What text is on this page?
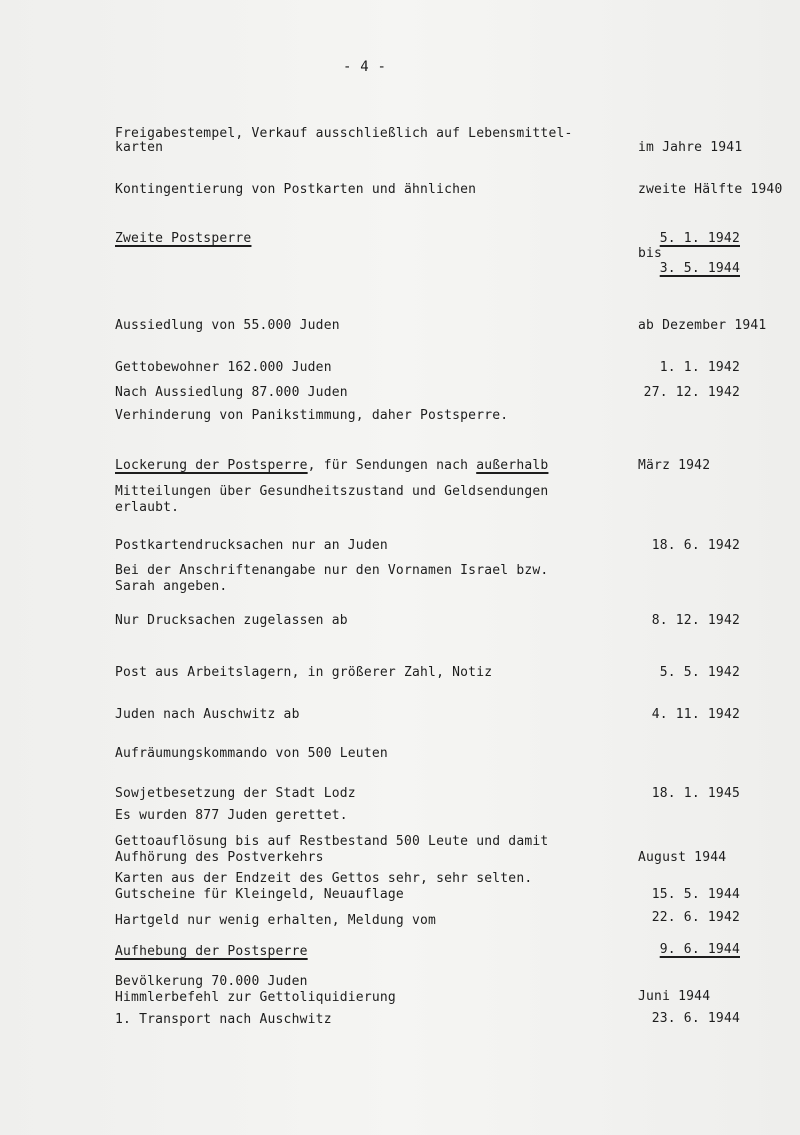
- 4 -

Freigabestempel, Verkauf ausschließlich auf Lebensmittel-

karten	im Jahre 1941

Kontingentierung von Postkarten und ähnlichen	zweite Hälfte 1940

Zweite Postsperre	5. 1. 1942

bis

3. 5. 1944

Aussiedlung von 55.000 Juden	ab Dezember 1941

Gettobewohner 162.000 Juden	1. 1. 1942

Nach Aussiedlung 87.000 Juden	27. 12. 1942

Verhinderung von Panikstimmung, daher Postsperre.

Lockerung der Postsperre, für Sendungen nach außerhalb	März 1942

Mitteilungen über Gesundheitszustand und Geldsendungen

erlaubt.

Postkartendrucksachen nur an Juden	18. 6. 1942

Bei der Anschriftenangabe nur den Vornamen Israel bzw.

Sarah angeben.

Nur Drucksachen zugelassen ab	8. 12. 1942

Post aus Arbeitslagern, in größerer Zahl, Notiz	5. 5. 1942

Juden nach Auschwitz ab	4. 11. 1942

Aufräumungskommando von 500 Leuten

Sowjetbesetzung der Stadt Lodz	18. 1. 1945

Es wurden 877 Juden gerettet.

Gettoauflösung bis auf Restbestand 500 Leute und damit

Aufhörung des Postverkehrs	August 1944

Karten aus der Endzeit des Gettos sehr, sehr selten.

Gutscheine für Kleingeld, Neuauflage	15. 5. 1944

Hartgeld nur wenig erhalten, Meldung vom	22. 6. 1942

Aufhebung der Postsperre	9. 6. 1944

Bevölkerung 70.000 Juden

Himmlerbefehl zur Gettoliquidierung	Juni 1944

1. Transport nach Auschwitz	23. 6. 1944
